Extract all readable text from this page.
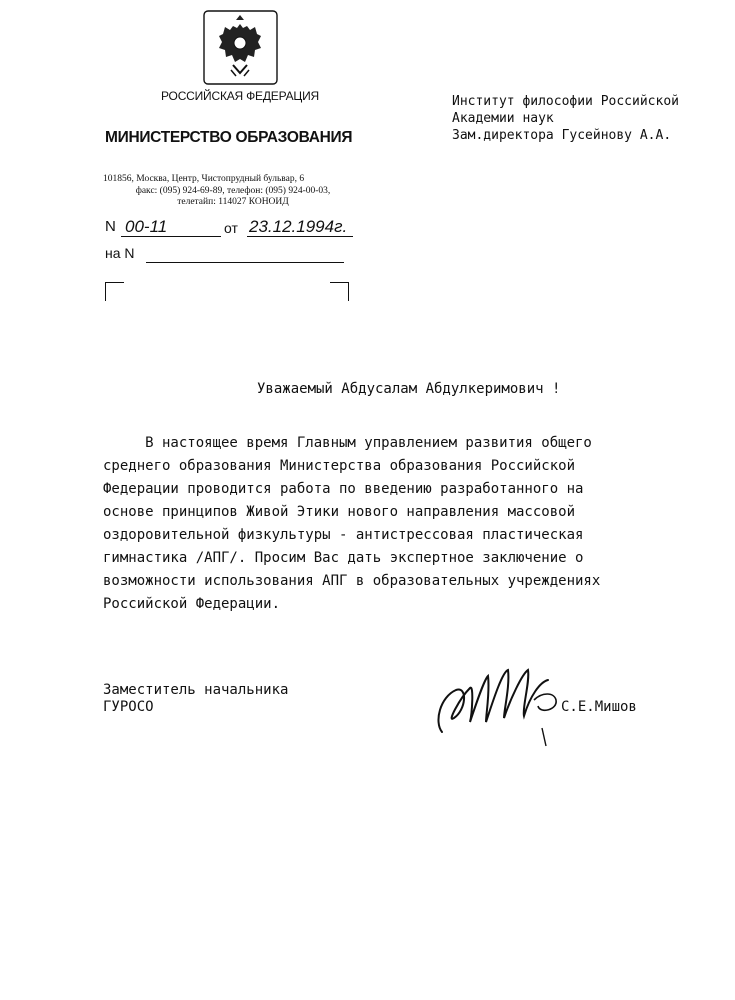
РОССИЙСКАЯ ФЕДЕРАЦИЯ
МИНИСТЕРСТВО ОБРАЗОВАНИЯ
101856, Москва, Центр, Чистопрудный бульвар, 6
факс: (095) 924-69-89, телефон: (095) 924-00-03,
телетайп: 114027 КОНОИД
N 00-11	от 23.12.1994г.
на N
Институт философии Российской
Академии наук
Зам.директора Гусейнову А.А.
Уважаемый Абдусалам Абдулкеримович !
В настоящее время Главным управлением развития общего
среднего образования Министерства образования Российской
Федерации проводится работа по введению разработанного на
основе принципов Живой Этики нового направления массовой
оздоровительной физкультуры - антистрессовая пластическая
гимнастика /АПГ/. Просим Вас дать экспертное заключение о
возможности использования АПГ в образовательных учреждениях
Российской Федерации.
Заместитель начальника
ГУРОСО	С.Е.Мишов
